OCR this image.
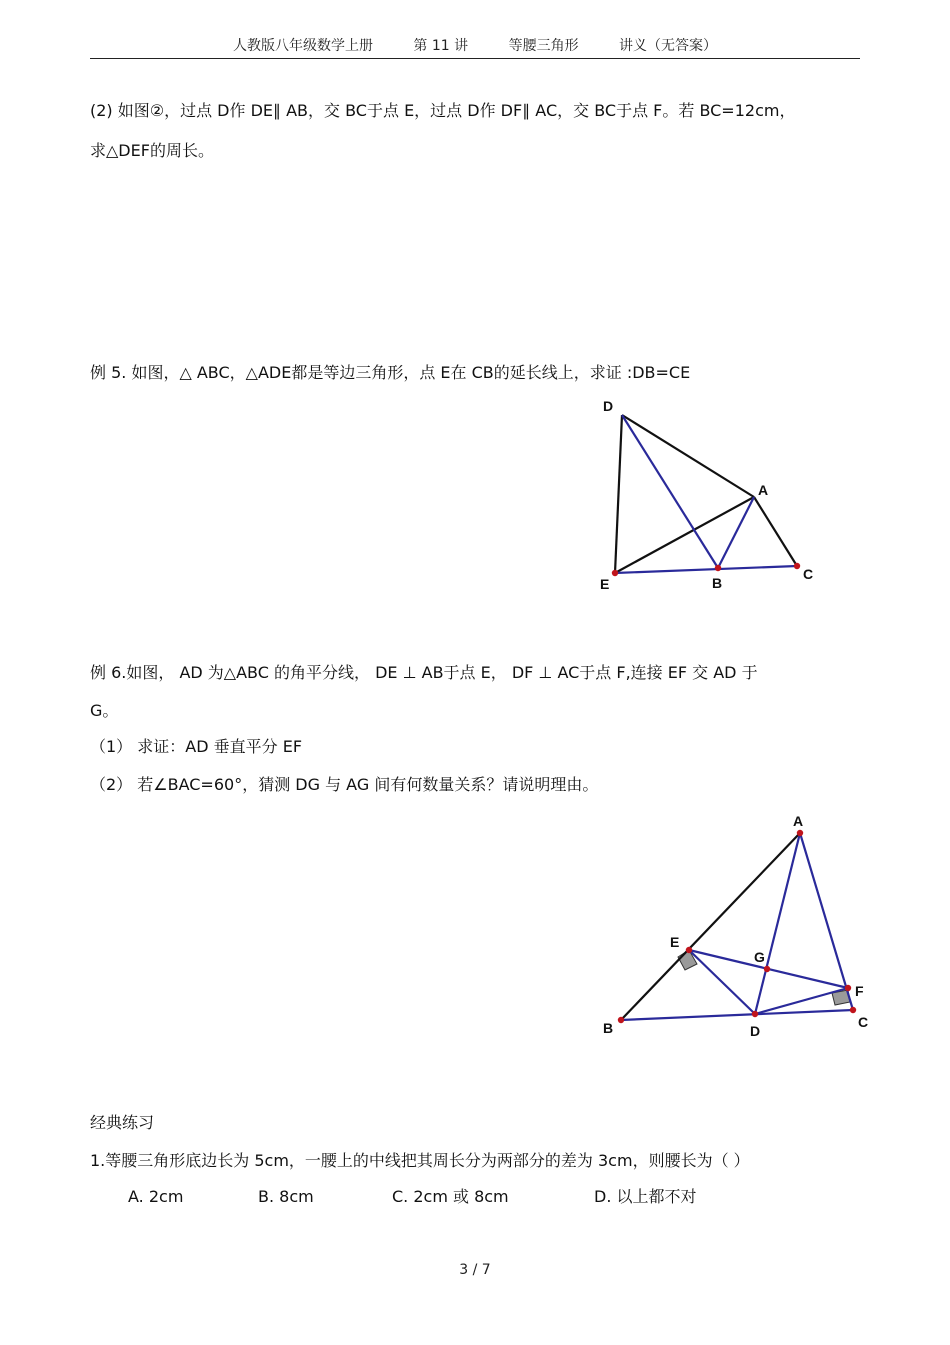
人教版八年级数学上册	第 11 讲	等腰三角形	讲义（无答案）
(2) 如图②，过点 D作 DE∥ AB，交 BC于点 E，过点 D作 DF∥ AC，交 BC于点 F。若 BC=12cm，
求△DEF的周长。
例 5. 如图，△ ABC，△ADE都是等边三角形，点 E在 CB的延长线上，求证 :DB=CE
D
A
E	B
C
例 6.如图， AD 为△ABC 的角平分线， DE ⊥ AB于点 E， DF ⊥ AC于点 F,连接 EF 交 AD 于
G。
（1） 求证：AD 垂直平分 EF
（2） 若∠BAC=60°，猜测 DG 与 AG 间有何数量关系？请说明理由。
A
E
G
F
B	D
C
经典练习
1.等腰三角形底边长为 5cm，一腰上的中线把其周长分为两部分的差为 3cm，则腰长为（ ）
A. 2cm	B. 8cm	C. 2cm 或 8cm	D. 以上都不对
3 / 7
